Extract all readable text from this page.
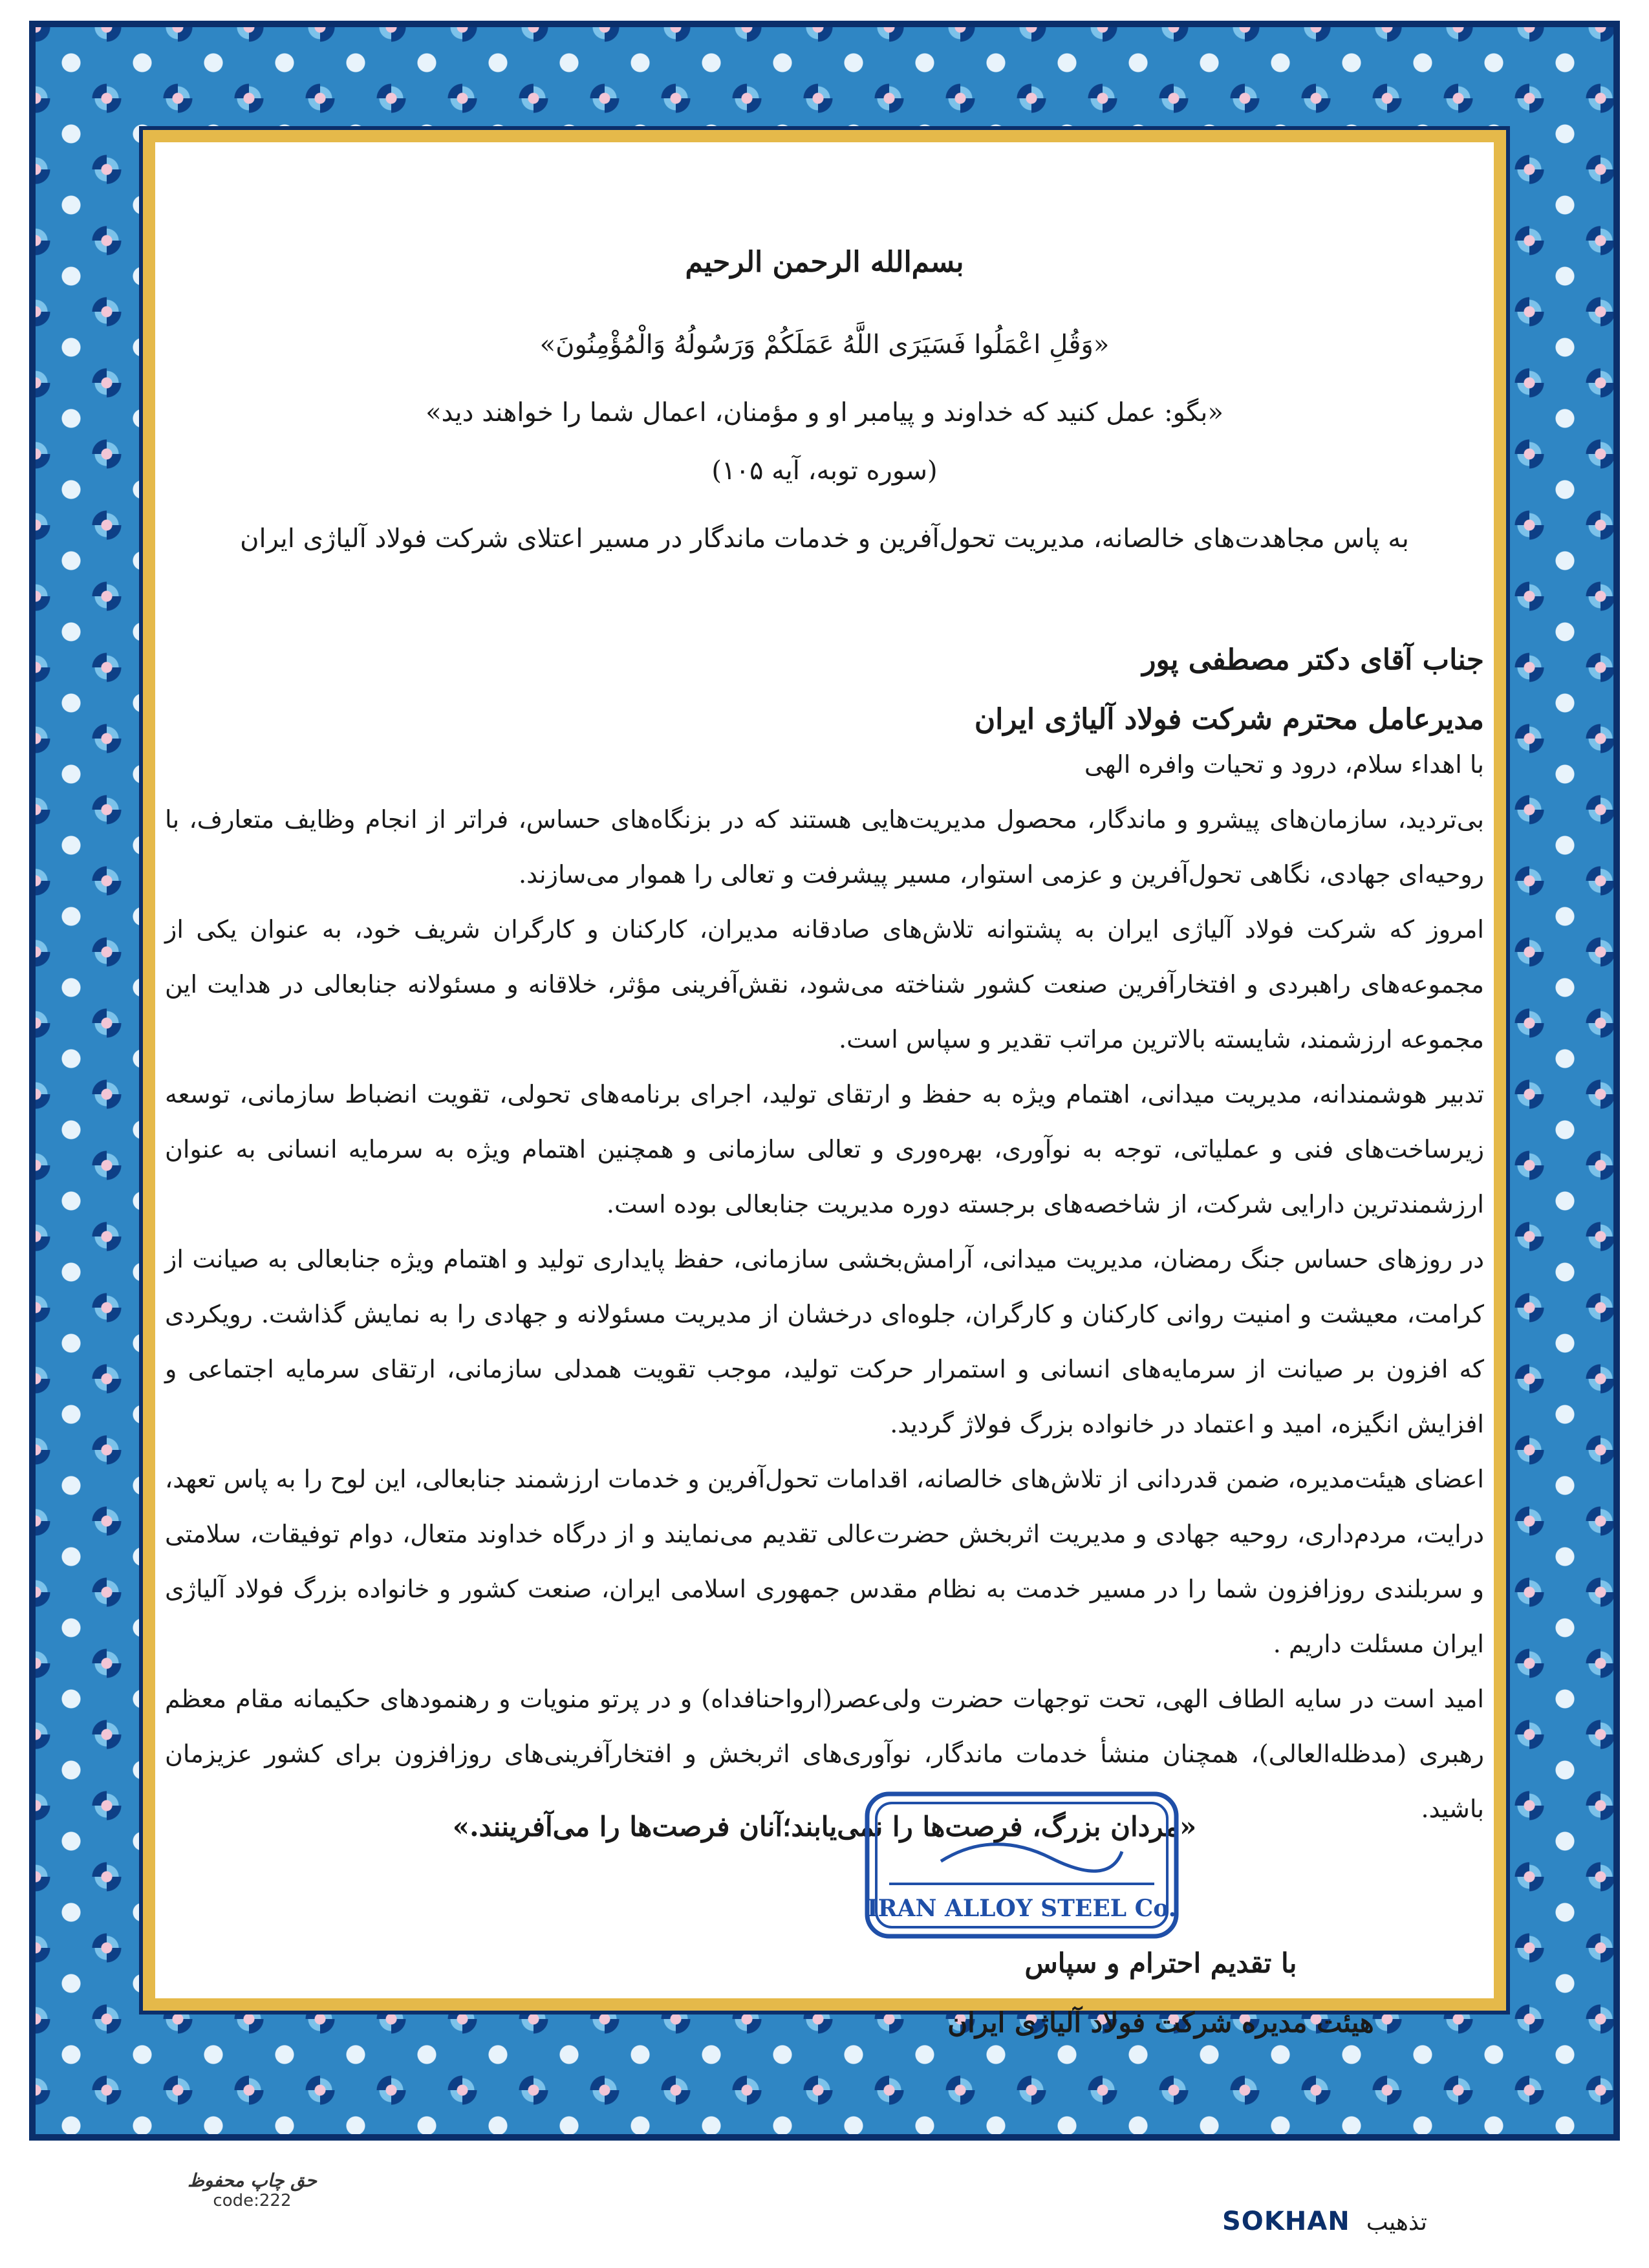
بسم‌الله الرحمن الرحیم
«وَقُلِ اعْمَلُوا فَسَيَرَى اللَّهُ عَمَلَكُمْ وَرَسُولُهُ وَالْمُؤْمِنُونَ»
«بگو: عمل کنید که خداوند و پیامبر او و مؤمنان، اعمال شما را خواهند دید»
(سوره توبه، آیه ۱۰۵)
به پاس مجاهدت‌های خالصانه، مدیریت تحول‌آفرین و خدمات ماندگار در مسیر اعتلای شرکت فولاد آلیاژی ایران
جناب آقای دکتر مصطفی پور
مدیرعامل محترم شرکت فولاد آلیاژی ایران

با اهداء سلام، درود و تحیات وافره الهی

بی‌تردید، سازمان‌های پیشرو و ماندگار، محصول مدیریت‌هایی هستند که در بزنگاه‌های حساس، فراتر از انجام وظایف متعارف، با روحیه‌ای جهادی، نگاهی تحول‌آفرین و عزمی استوار، مسیر پیشرفت و تعالی را هموار می‌سازند.

امروز که شرکت فولاد آلیاژی ایران به پشتوانه تلاش‌های صادقانه مدیران، کارکنان و کارگران شریف خود، به عنوان یکی از مجموعه‌های راهبردی و افتخارآفرین صنعت کشور شناخته می‌شود، نقش‌آفرینی مؤثر، خلاقانه و مسئولانه جنابعالی در هدایت این مجموعه ارزشمند، شایسته بالاترین مراتب تقدیر و سپاس است.

تدبیر هوشمندانه، مدیریت میدانی، اهتمام ویژه به حفظ و ارتقای تولید، اجرای برنامه‌های تحولی، تقویت انضباط سازمانی، توسعه زیرساخت‌های فنی و عملیاتی، توجه به نوآوری، بهره‌وری و تعالی سازمانی و همچنین اهتمام ویژه به سرمایه انسانی به عنوان ارزشمندترین دارایی شرکت، از شاخصه‌های برجسته دوره مدیریت جنابعالی بوده است.

در روزهای حساس جنگ رمضان، مدیریت میدانی، آرامش‌بخشی سازمانی، حفظ پایداری تولید و اهتمام ویژه جنابعالی به صیانت از کرامت، معیشت و امنیت روانی کارکنان و کارگران، جلوه‌ای درخشان از مدیریت مسئولانه و جهادی را به نمایش گذاشت. رویکردی که افزون بر صیانت از سرمایه‌های انسانی و استمرار حرکت تولید، موجب تقویت همدلی سازمانی، ارتقای سرمایه اجتماعی و افزایش انگیزه، امید و اعتماد در خانواده بزرگ فولاژ گردید.

اعضای هیئت‌مدیره، ضمن قدردانی از تلاش‌های خالصانه، اقدامات تحول‌آفرین و خدمات ارزشمند جنابعالی، این لوح را به پاس تعهد، درایت، مردم‌داری، روحیه جهادی و مدیریت اثربخش حضرت‌عالی تقدیم می‌نمایند و از درگاه خداوند متعال، دوام توفیقات، سلامتی و سربلندی روزافزون شما را در مسیر خدمت به نظام مقدس جمهوری اسلامی ایران، صنعت کشور و خانواده بزرگ فولاد آلیاژی ایران مسئلت داریم .

امید است در سایه الطاف الهی، تحت توجهات حضرت ولی‌عصر(ارواحنافداه) و در پرتو منویات و رهنمودهای حکیمانه مقام معظم رهبری (مدظله‌العالی)، همچنان منشأ خدمات ماندگار، نوآوری‌های اثربخش و افتخارآفرینی‌های روزافزون برای کشور عزیزمان باشید.

«مردان بزرگ، فرصت‌ها را نمی‌یابند؛آنان فرصت‌ها را می‌آفرینند.»
با تقدیم احترام و سپاس
هیئت مدیره شرکت فولاد آلیاژی ایران
IRAN ALLOY STEEL Co.
حق چاپ محفوظ
code:222
SOKHAN تذهیب
